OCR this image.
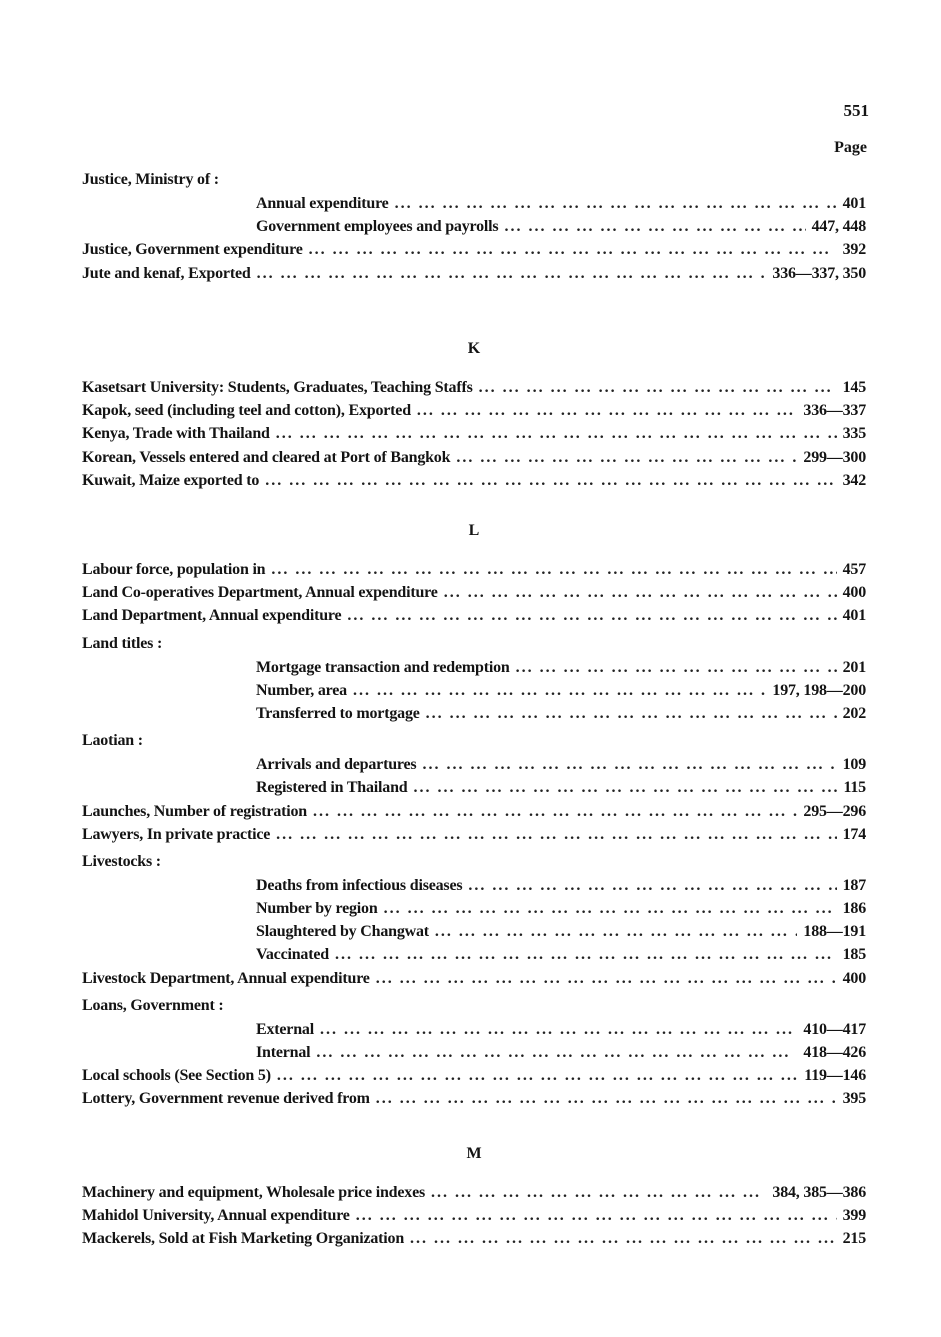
551
Page
Justice, Ministry of :
Annual expenditure ... .	401
Government employees and payrolls ... .	447, 448
Justice, Government expenditure ... .	392
Jute and kenaf, Exported ... .	336—337, 350
K
Kasetsart University: Students, Graduates, Teaching Staffs ... .	145
Kapok, seed (including teel and cotton), Exported ... .	336—337
Kenya, Trade with Thailand ... .	335
Korean, Vessels entered and cleared at Port of Bangkok ... .	299—300
Kuwait, Maize exported to ... .	342
L
Labour force, population in ... .	457
Land Co-operatives Department, Annual expenditure ... .	400
Land Department, Annual expenditure ... .	401
Land titles :
Mortgage transaction and redemption ... .	201
Number, area ... .	197, 198—200
Transferred to mortgage ... .	202
Laotian :
Arrivals and departures ... .	109
Registered in Thailand ... .	115
Launches, Number of registration ... .	295—296
Lawyers, In private practice ... .	174
Livestocks :
Deaths from infectious diseases ... .	187
Number by region ... .	186
Slaughtered by Changwat ... .	188—191
Vaccinated ... .	185
Livestock Department, Annual expenditure ... .	400
Loans, Government :
External ... .	410—417
Internal ... .	418—426
Local schools (See Section 5) ... .	119—146
Lottery, Government revenue derived from ... .	395
M
Machinery and equipment, Wholesale price indexes ... .	384, 385—386
Mahidol University, Annual expenditure ... .	399
Mackerels, Sold at Fish Marketing Organization ... .	215
